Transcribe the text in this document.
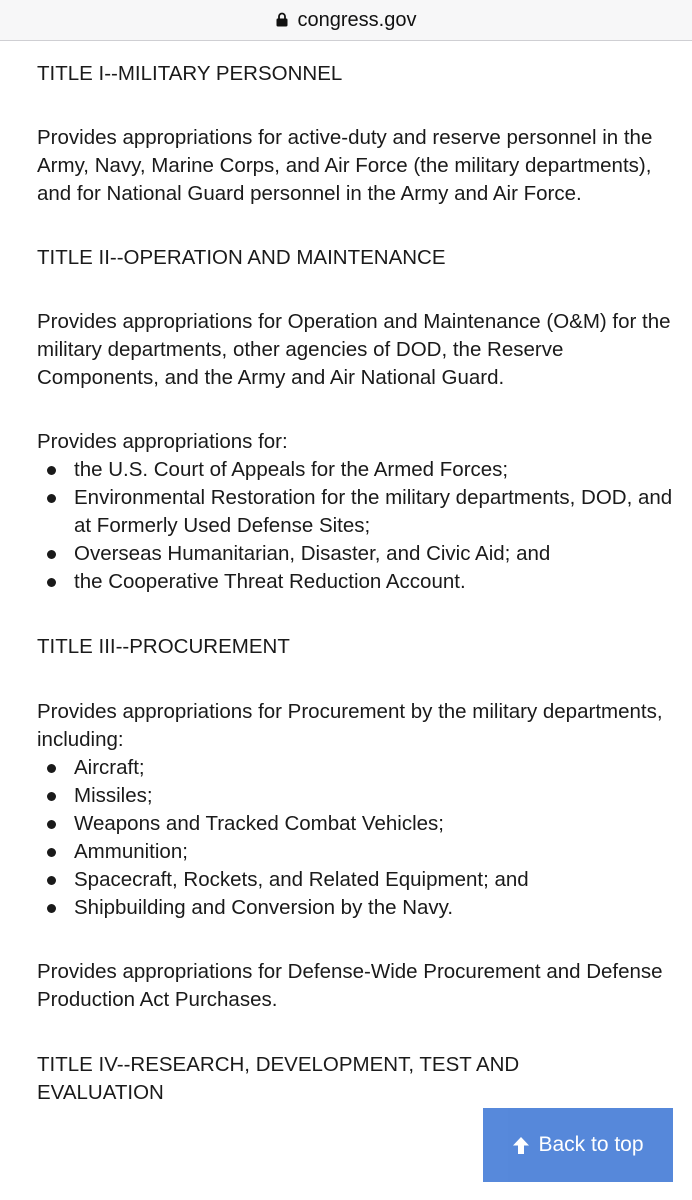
congress.gov
TITLE I--MILITARY PERSONNEL

Provides appropriations for active-duty and reserve personnel in the Army, Navy, Marine Corps, and Air Force (the military departments), and for National Guard personnel in the Army and Air Force.

TITLE II--OPERATION AND MAINTENANCE

Provides appropriations for Operation and Maintenance (O&M) for the military departments, other agencies of DOD, the Reserve Components, and the Army and Air National Guard.

Provides appropriations for:

the U.S. Court of Appeals for the Armed Forces;
Environmental Restoration for the military departments, DOD, and at Formerly Used Defense Sites;
Overseas Humanitarian, Disaster, and Civic Aid; and
the Cooperative Threat Reduction Account.
TITLE III--PROCUREMENT

Provides appropriations for Procurement by the military departments, including:

Aircraft;
Missiles;
Weapons and Tracked Combat Vehicles;
Ammunition;
Spacecraft, Rockets, and Related Equipment; and
Shipbuilding and Conversion by the Navy.

Provides appropriations for Defense-Wide Procurement and Defense Production Act Purchases.

TITLE IV--RESEARCH, DEVELOPMENT, TEST AND EVALUATION
Back to top
